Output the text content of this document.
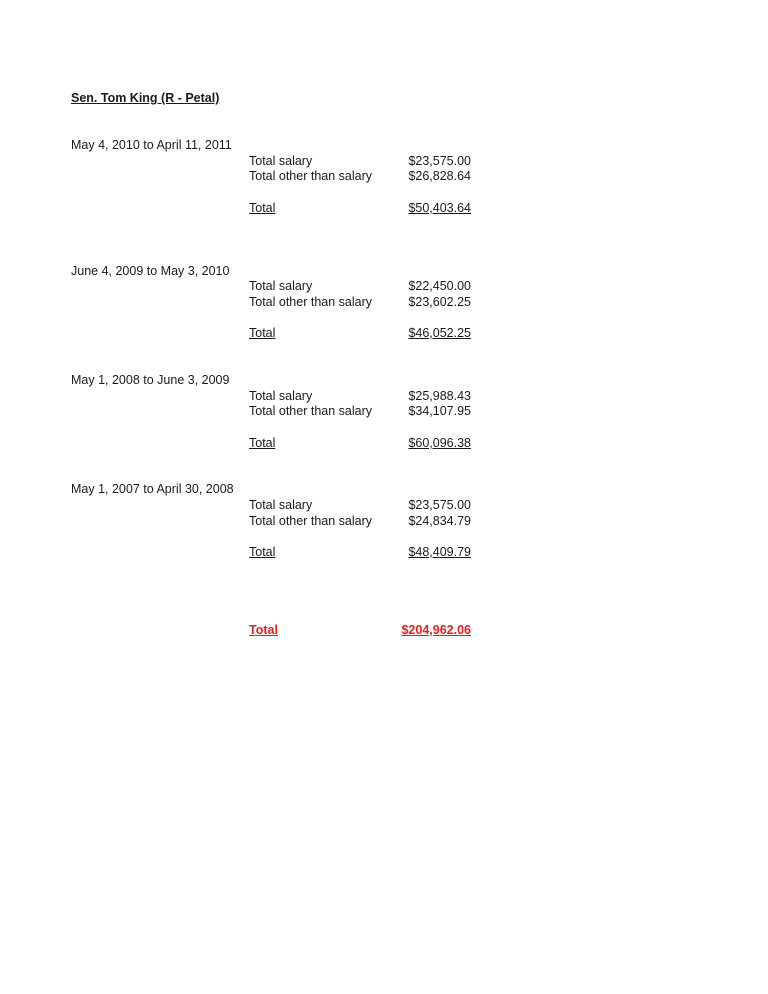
Sen. Tom King (R - Petal)
May 4, 2010 to April 11, 2011
Total salary	$23,575.00
Total other than salary	$26,828.64
Total	$50,403.64
June 4, 2009 to May 3, 2010
Total salary	$22,450.00
Total other than salary	$23,602.25
Total	$46,052.25
May 1, 2008 to June 3, 2009
Total salary	$25,988.43
Total other than salary	$34,107.95
Total	$60,096.38
May 1, 2007 to April 30, 2008
Total salary	$23,575.00
Total other than salary	$24,834.79
Total	$48,409.79
Total	$204,962.06
